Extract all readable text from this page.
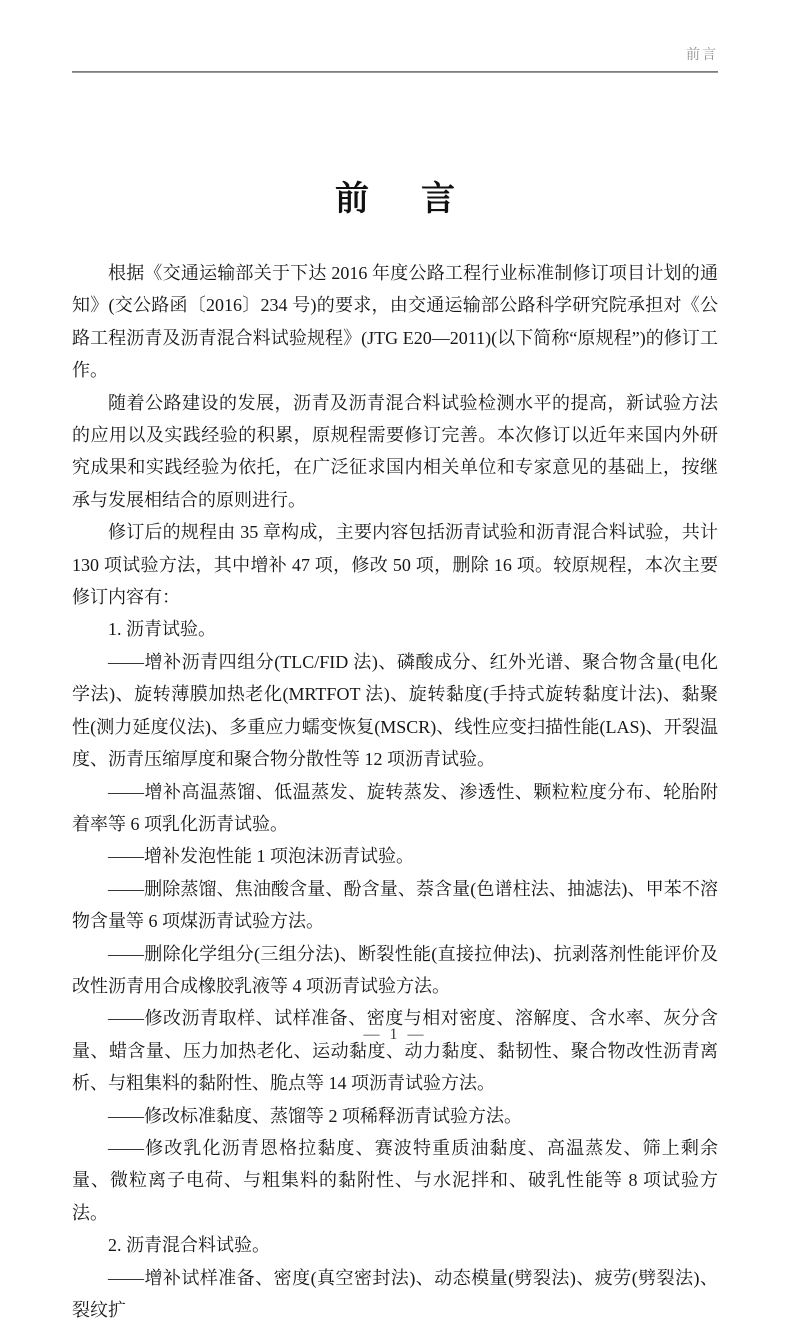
前言
前 言

根据《交通运输部关于下达 2016 年度公路工程行业标准制修订项目计划的通知》(交公路函〔2016〕234 号)的要求，由交通运输部公路科学研究院承担对《公路工程沥青及沥青混合料试验规程》(JTG E20—2011)(以下简称“原规程”)的修订工作。

随着公路建设的发展，沥青及沥青混合料试验检测水平的提高，新试验方法的应用以及实践经验的积累，原规程需要修订完善。本次修订以近年来国内外研究成果和实践经验为依托，在广泛征求国内相关单位和专家意见的基础上，按继承与发展相结合的原则进行。

修订后的规程由 35 章构成，主要内容包括沥青试验和沥青混合料试验，共计 130 项试验方法，其中增补 47 项，修改 50 项，删除 16 项。较原规程，本次主要修订内容有：

1. 沥青试验。

——增补沥青四组分(TLC/FID 法)、磷酸成分、红外光谱、聚合物含量(电化学法)、旋转薄膜加热老化(MRTFOT 法)、旋转黏度(手持式旋转黏度计法)、黏聚性(测力延度仪法)、多重应力蠕变恢复(MSCR)、线性应变扫描性能(LAS)、开裂温度、沥青压缩厚度和聚合物分散性等 12 项沥青试验。

——增补高温蒸馏、低温蒸发、旋转蒸发、渗透性、颗粒粒度分布、轮胎附着率等 6 项乳化沥青试验。

——增补发泡性能 1 项泡沫沥青试验。

——删除蒸馏、焦油酸含量、酚含量、萘含量(色谱柱法、抽滤法)、甲苯不溶物含量等 6 项煤沥青试验方法。

——删除化学组分(三组分法)、断裂性能(直接拉伸法)、抗剥落剂性能评价及改性沥青用合成橡胶乳液等 4 项沥青试验方法。

——修改沥青取样、试样准备、密度与相对密度、溶解度、含水率、灰分含量、蜡含量、压力加热老化、运动黏度、动力黏度、黏韧性、聚合物改性沥青离析、与粗集料的黏附性、脆点等 14 项沥青试验方法。

——修改标准黏度、蒸馏等 2 项稀释沥青试验方法。

——修改乳化沥青恩格拉黏度、赛波特重质油黏度、高温蒸发、筛上剩余量、微粒离子电荷、与粗集料的黏附性、与水泥拌和、破乳性能等 8 项试验方法。

2. 沥青混合料试验。

——增补试样准备、密度(真空密封法)、动态模量(劈裂法)、疲劳(劈裂法)、裂纹扩

— 1 —
